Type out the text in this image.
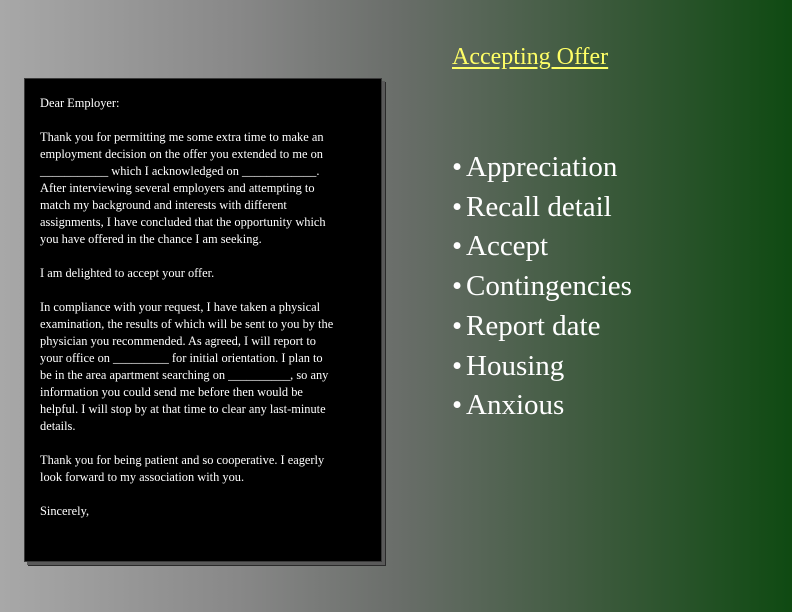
Accepting Offer

Dear Employer:

Thank you for permitting me some extra time to make an
employment decision on the offer you extended to me on
___________ which I acknowledged on ____________.
After interviewing several employers and attempting to
match my background and interests with different
assignments, I have concluded that the opportunity which
you have offered in the chance I am seeking.

I am delighted to accept your offer.

In compliance with your request, I have taken a physical
examination, the results of which will be sent to you by the
physician you recommended. As agreed, I will report to
your office on _________ for initial orientation. I plan to
be in the area apartment searching on __________, so any
information you could send me before then would be
helpful. I will stop by at that time to clear any last-minute
details.

Thank you for being patient and so cooperative. I eagerly
look forward to my association with you.

Sincerely,

• Appreciation
• Recall detail
• Accept
• Contingencies
• Report date
• Housing
• Anxious
